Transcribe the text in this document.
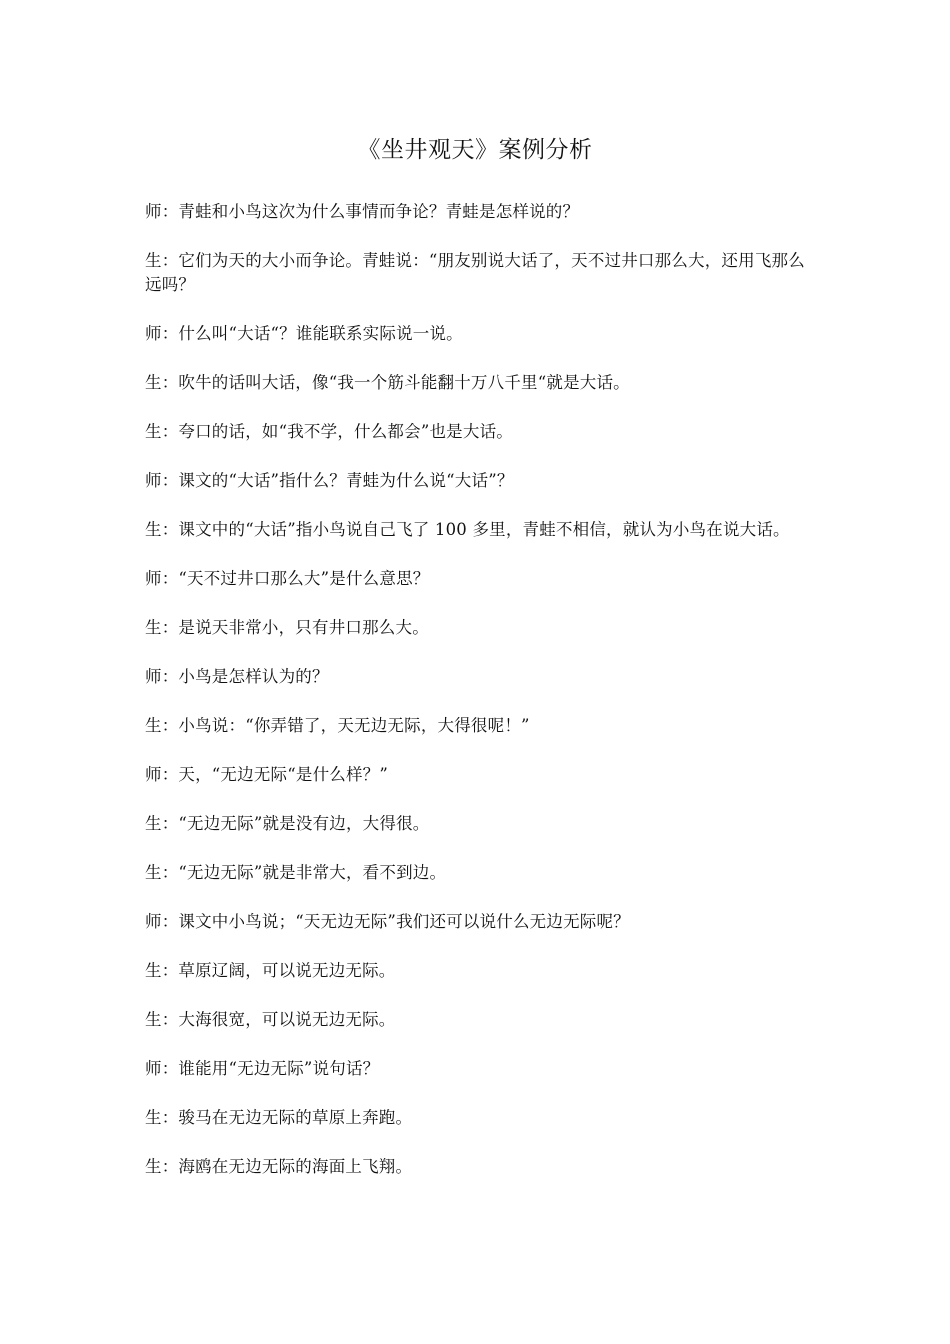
《坐井观天》案例分析

师：青蛙和小鸟这次为什么事情而争论？青蛙是怎样说的？

生：它们为天的大小而争论。青蛙说：“朋友别说大话了，天不过井口那么大，还用飞那么远吗？

师：什么叫“大话“？谁能联系实际说一说。

生：吹牛的话叫大话，像“我一个筋斗能翻十万八千里“就是大话。

生：夸口的话，如“我不学，什么都会”也是大话。

师：课文的“大话”指什么？青蛙为什么说“大话”？

生：课文中的“大话”指小鸟说自己飞了 100 多里，青蛙不相信，就认为小鸟在说大话。

师：“天不过井口那么大”是什么意思？

生：是说天非常小，只有井口那么大。

师：小鸟是怎样认为的？

生：小鸟说：“你弄错了，天无边无际，大得很呢！”

师：天，“无边无际“是什么样？”

生：“无边无际”就是没有边，大得很。

生：“无边无际”就是非常大，看不到边。

师：课文中小鸟说；“天无边无际”我们还可以说什么无边无际呢？

生：草原辽阔，可以说无边无际。

生：大海很宽，可以说无边无际。

师：谁能用“无边无际”说句话？

生：骏马在无边无际的草原上奔跑。

生：海鸥在无边无际的海面上飞翔。
